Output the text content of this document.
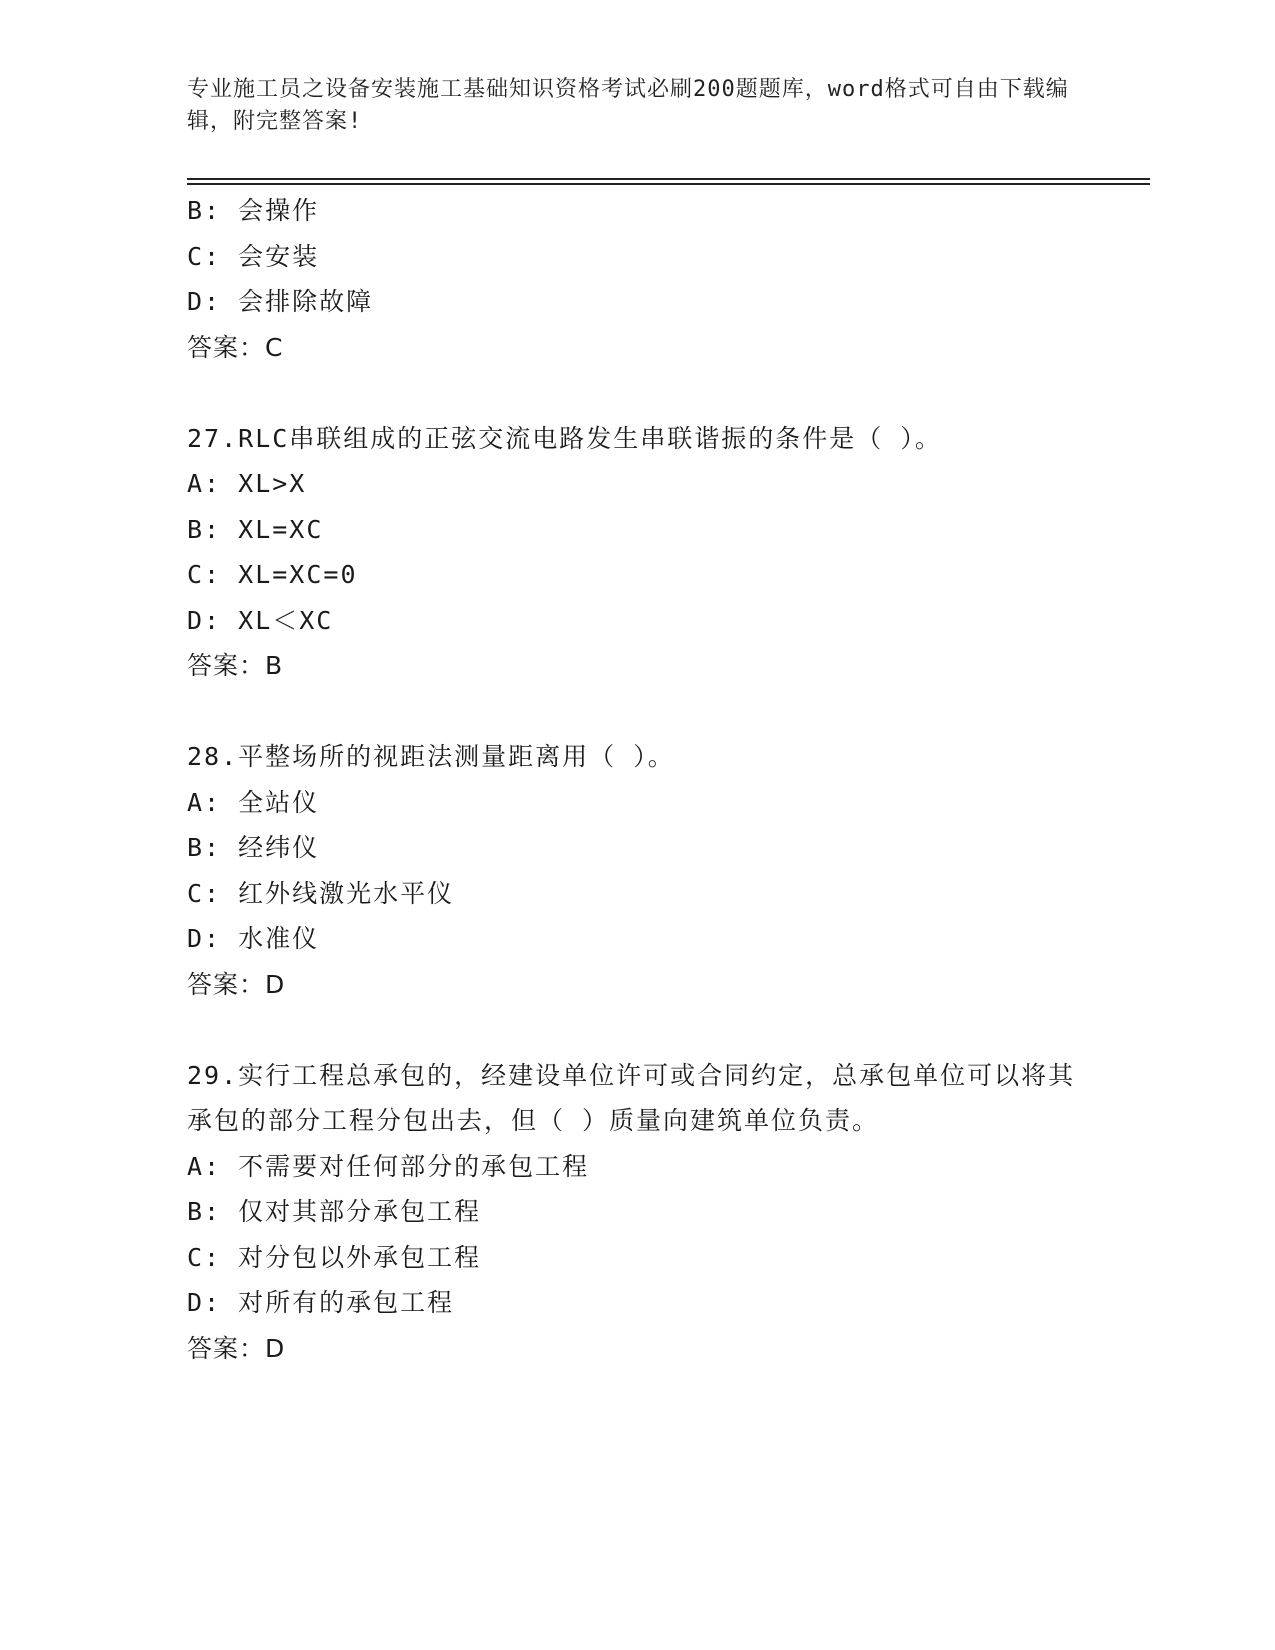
专业施工员之设备安装施工基础知识资格考试必刷200题题库，word格式可自由下载编辑，附完整答案!
B: 会操作
C: 会安装
D: 会排除故障
答案：C
27.RLC串联组成的正弦交流电路发生串联谐振的条件是（ ）。
A: XL>X
B: XL=XC
C: XL=XC=0
D: XL＜XC
答案：B
28.平整场所的视距法测量距离用（ ）。
A: 全站仪
B: 经纬仪
C: 红外线激光水平仪
D: 水准仪
答案：D
29.实行工程总承包的，经建设单位许可或合同约定，总承包单位可以将其承包的部分工程分包出去，但（ ）质量向建筑单位负责。
A: 不需要对任何部分的承包工程
B: 仅对其部分承包工程
C: 对分包以外承包工程
D: 对所有的承包工程
答案：D
